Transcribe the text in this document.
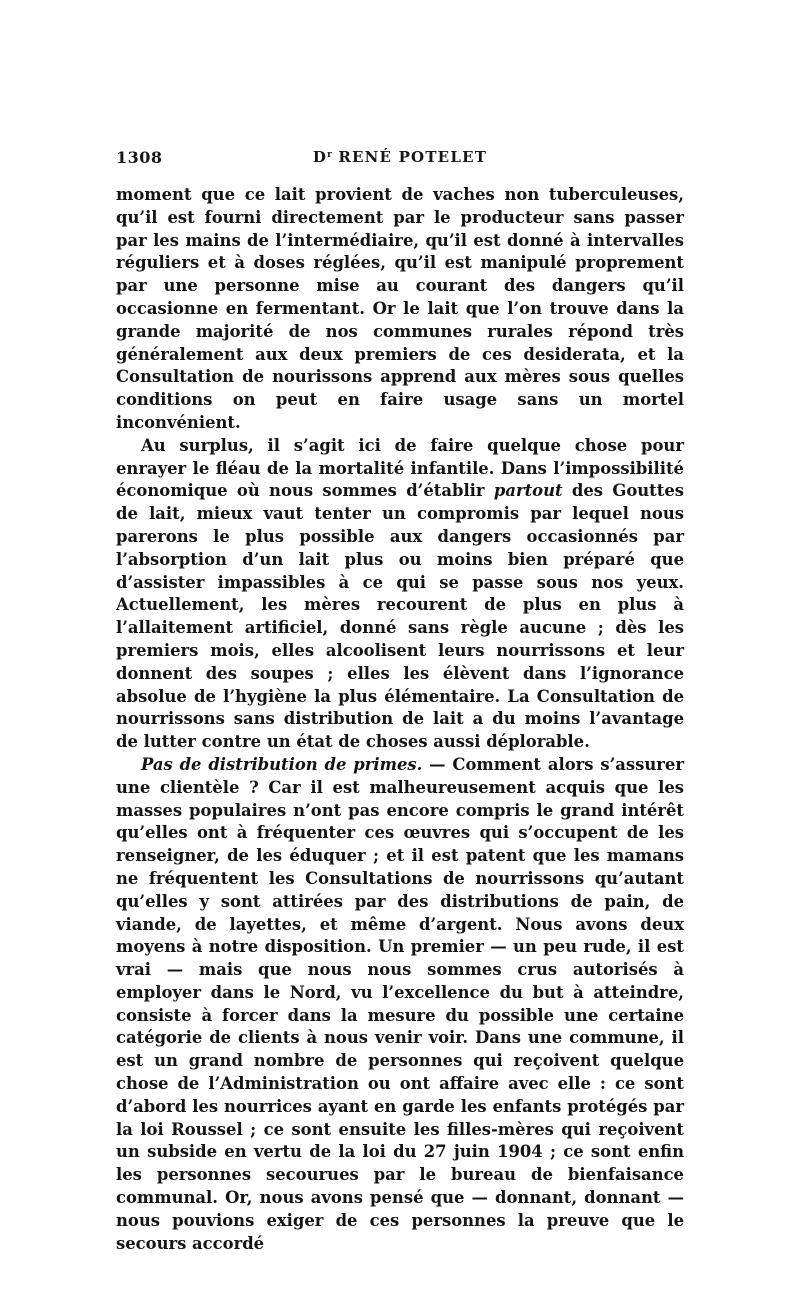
1308	$D^r$ RENÉ POTELET

moment que ce lait provient de vaches non tuberculeuses, qu’il est fourni directement par le producteur sans passer par les mains de l’intermédiaire, qu’il est donné à intervalles réguliers et à doses réglées, qu’il est manipulé proprement par une personne mise au courant des dangers qu’il occasionne en fermentant. Or le lait que l’on trouve dans la grande majorité de nos communes rurales répond très généralement aux deux premiers de ces desiderata, et la Consultation de nourissons apprend aux mères sous quelles conditions on peut en faire usage sans un mortel inconvénient.

Au surplus, il s’agit ici de faire quelque chose pour enrayer le fléau de la mortalité infantile. Dans l’impossibilité économique où nous sommes d’établir partout des Gouttes de lait, mieux vaut tenter un compromis par lequel nous parerons le plus possible aux dangers occasionnés par l’absorption d’un lait plus ou moins bien préparé que d’assister impassibles à ce qui se passe sous nos yeux. Actuellement, les mères recourent de plus en plus à l’allaitement artificiel, donné sans règle aucune ; dès les premiers mois, elles alcoolisent leurs nourrissons et leur donnent des soupes ; elles les élèvent dans l’ignorance absolue de l’hygiène la plus élémentaire. La Consultation de nourrissons sans distribution de lait a du moins l’avantage de lutter contre un état de choses aussi déplorable.

Pas de distribution de primes. — Comment alors s’assurer une clientèle ? Car il est malheureusement acquis que les masses populaires n’ont pas encore compris le grand intérêt qu’elles ont à fréquenter ces œuvres qui s’occupent de les renseigner, de les éduquer ; et il est patent que les mamans ne fréquentent les Consultations de nourrissons qu’autant qu’elles y sont attirées par des distributions de pain, de viande, de layettes, et même d’argent. Nous avons deux moyens à notre disposition. Un premier — un peu rude, il est vrai — mais que nous nous sommes crus autorisés à employer dans le Nord, vu l’excellence du but à atteindre, consiste à forcer dans la mesure du possible une certaine catégorie de clients à nous venir voir. Dans une commune, il est un grand nombre de personnes qui reçoivent quelque chose de l’Administration ou ont affaire avec elle : ce sont d’abord les nourrices ayant en garde les enfants protégés par la loi Roussel ; ce sont ensuite les filles-mères qui reçoivent un subside en vertu de la loi du 27 juin 1904 ; ce sont enfin les personnes secourues par le bureau de bienfaisance communal. Or, nous avons pensé que — donnant, donnant — nous pouvions exiger de ces personnes la preuve que le secours accordé
